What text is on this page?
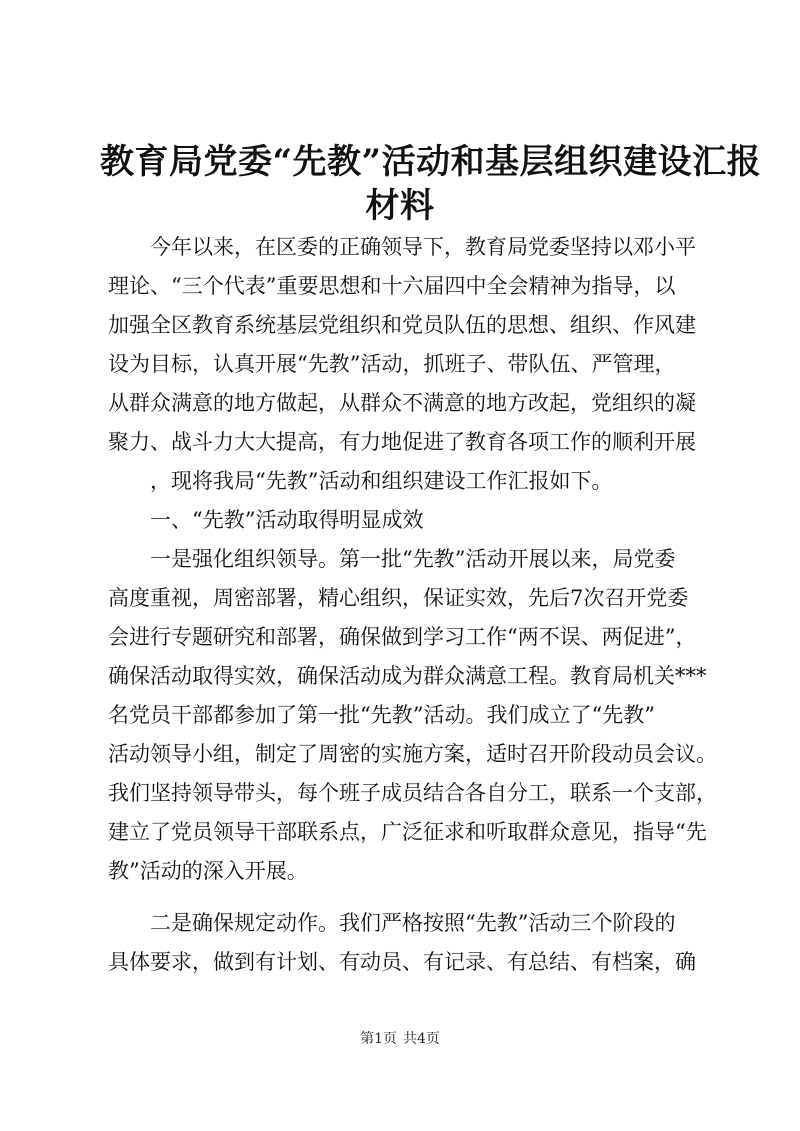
教育局党委“先教”活动和基层组织建设汇报
材料
　　今年以来，在区委的正确领导下，教育局党委坚持以邓小平
理论、“三个代表”重要思想和十六届四中全会精神为指导，以
加强全区教育系统基层党组织和党员队伍的思想、组织、作风建
设为目标，认真开展“先教”活动，抓班子、带队伍、严管理，
从群众满意的地方做起，从群众不满意的地方改起，党组织的凝
聚力、战斗力大大提高，有力地促进了教育各项工作的顺利开展
　　，现将我局“先教”活动和组织建设工作汇报如下。
　　一、“先教”活动取得明显成效
　　一是强化组织领导。第一批“先教”活动开展以来，局党委
高度重视，周密部署，精心组织，保证实效，先后7次召开党委
会进行专题研究和部署，确保做到学习工作“两不误、两促进”，
确保活动取得实效，确保活动成为群众满意工程。教育局机关***
名党员干部都参加了第一批“先教”活动。我们成立了“先教”
活动领导小组，制定了周密的实施方案，适时召开阶段动员会议。
我们坚持领导带头，每个班子成员结合各自分工，联系一个支部，
建立了党员领导干部联系点，广泛征求和听取群众意见，指导“先
教”活动的深入开展。
　　二是确保规定动作。我们严格按照“先教”活动三个阶段的
具体要求，做到有计划、有动员、有记录、有总结、有档案，确
第1页 共4页
